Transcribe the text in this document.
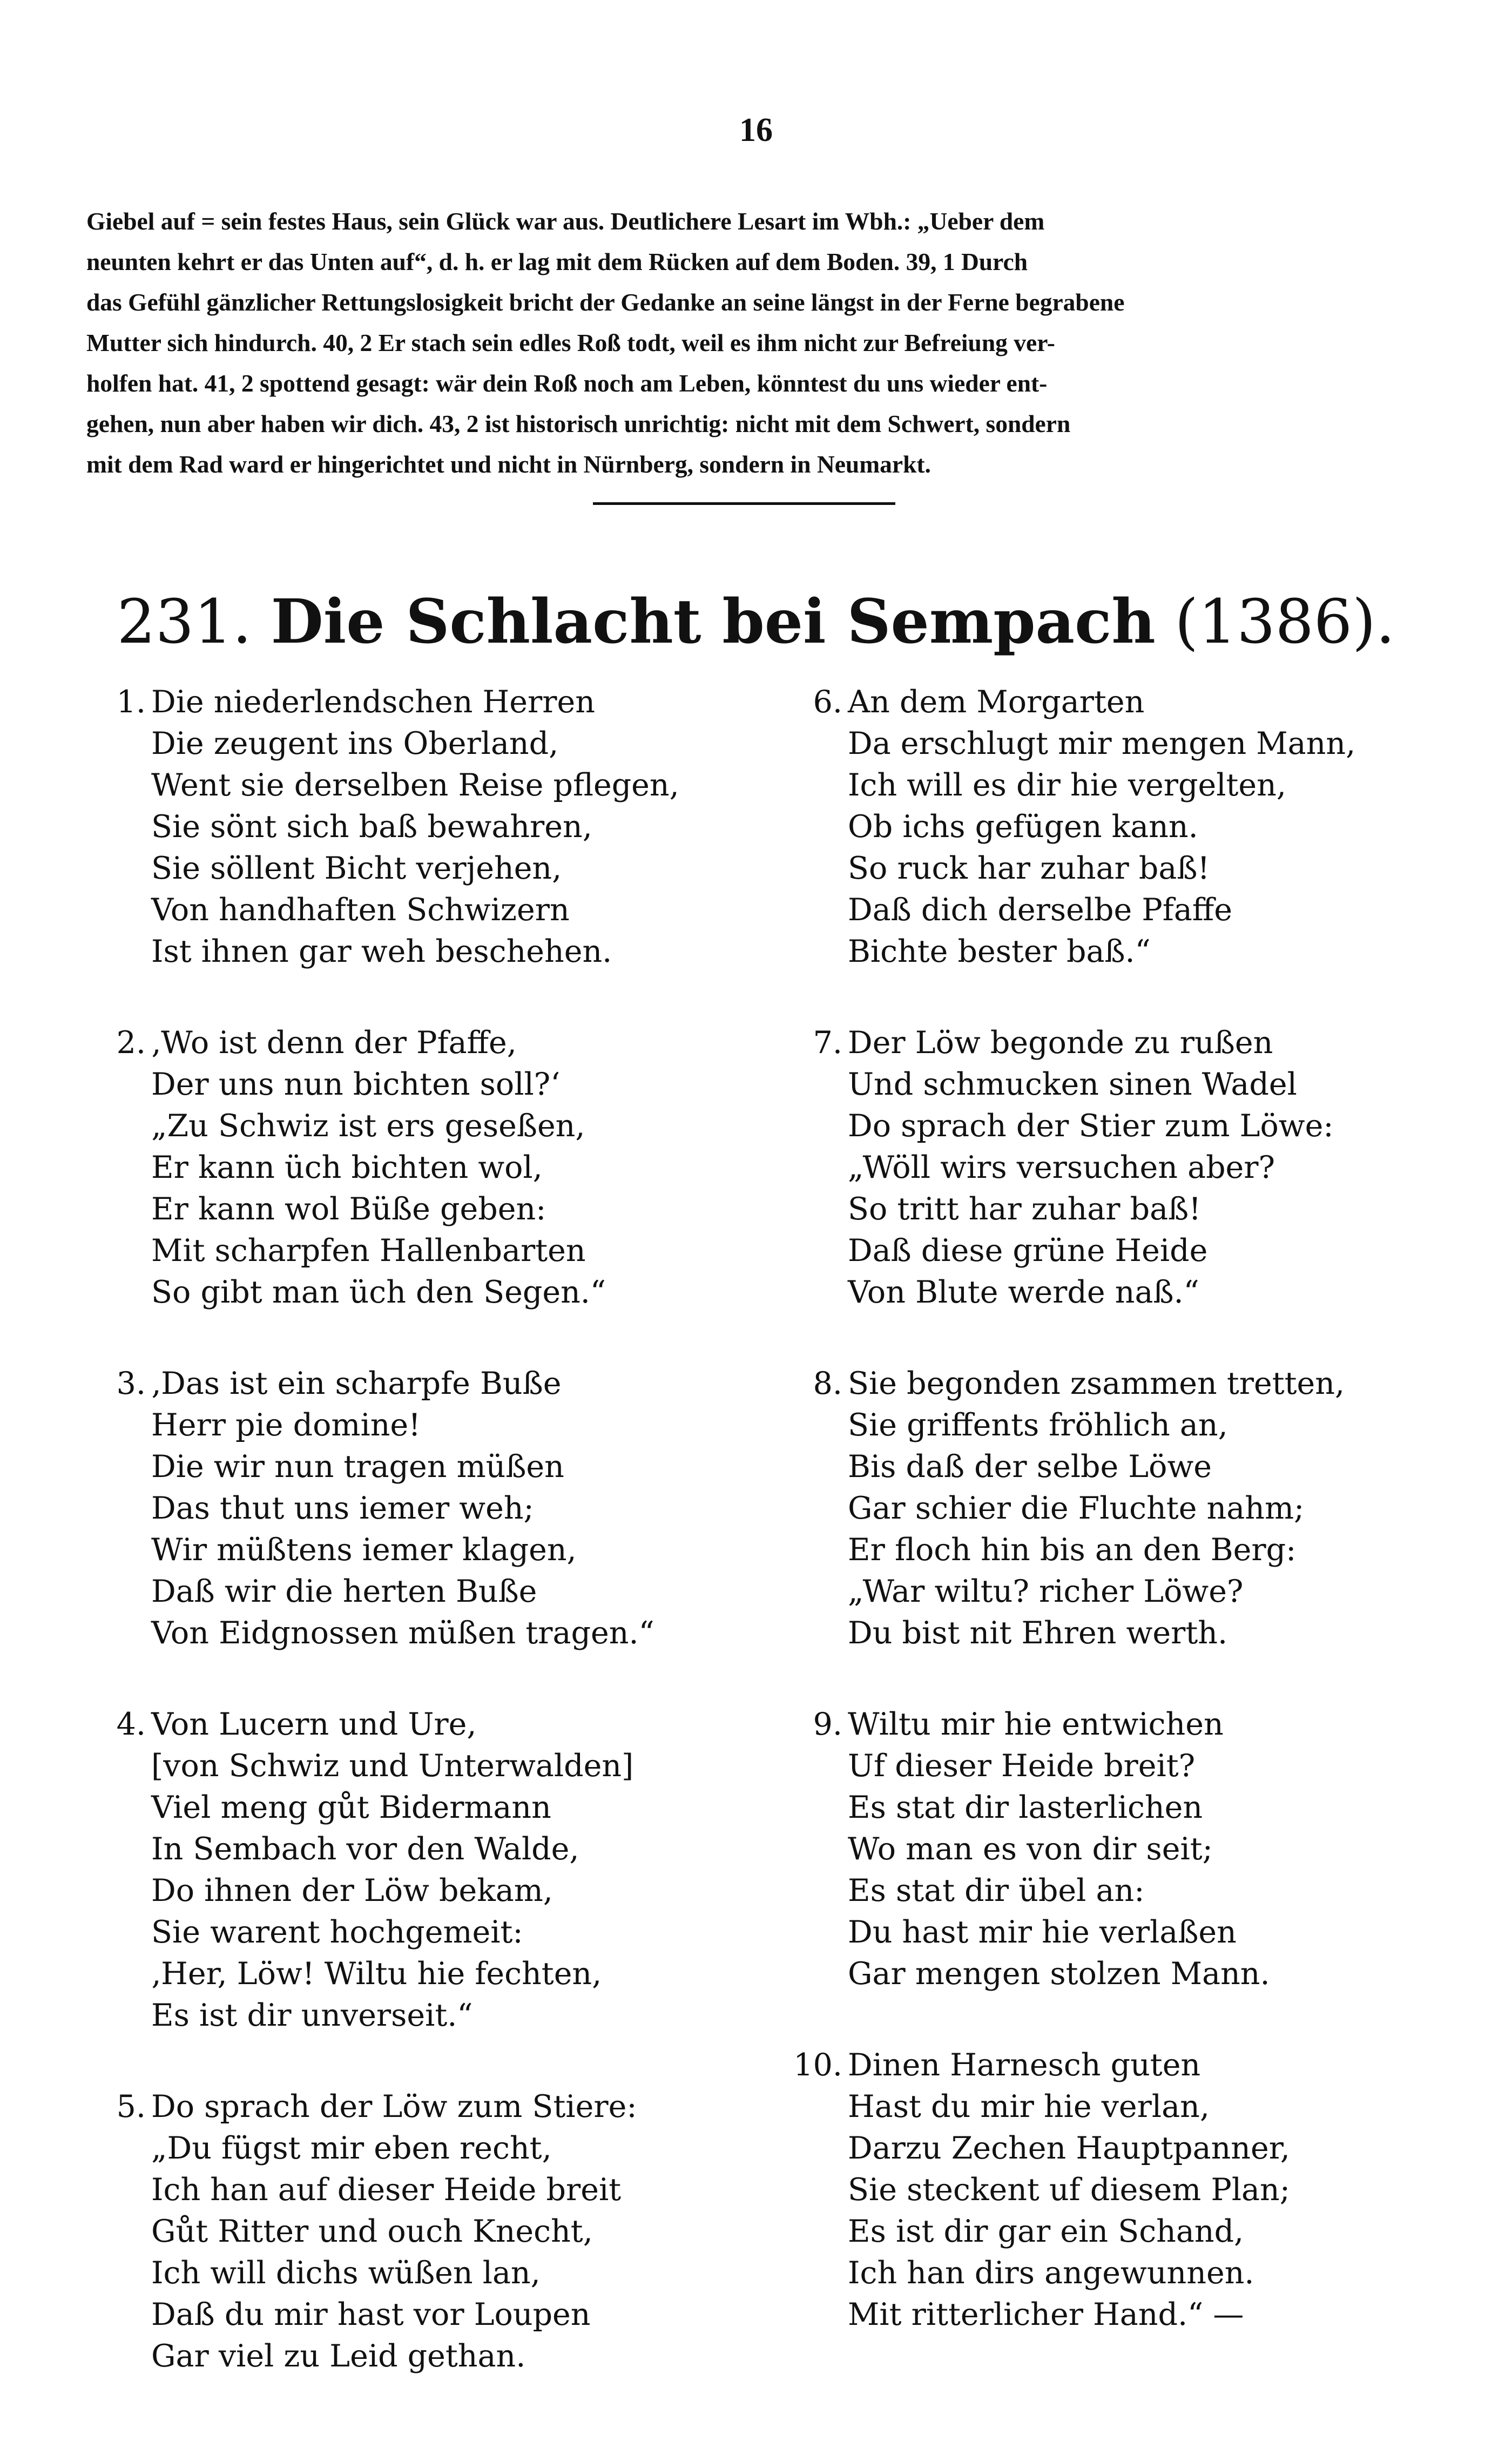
16
Giebel auf = sein festes Haus, sein Glück war aus. Deutlichere Lesart im Wbh.: „Ueber dem
neunten kehrt er das Unten auf“, d. h. er lag mit dem Rücken auf dem Boden. 39, 1 Durch
das Gefühl gänzlicher Rettungslosigkeit bricht der Gedanke an seine längst in der Ferne begrabene
Mutter sich hindurch. 40, 2 Er stach sein edles Roß todt, weil es ihm nicht zur Befreiung ver-
holfen hat. 41, 2 spottend gesagt: wär dein Roß noch am Leben, könntest du uns wieder ent-
gehen, nun aber haben wir dich. 43, 2 ist historisch unrichtig: nicht mit dem Schwert, sondern
mit dem Rad ward er hingerichtet und nicht in Nürnberg, sondern in Neumarkt.
231. Die Schlacht bei Sempach (1386).
1. Die niederlendschen Herren
Die zeugent ins Oberland,
Went sie derselben Reise pflegen,
Sie sönt sich baß bewahren,
Sie söllent Bicht verjehen,
Von handhaften Schwizern
Ist ihnen gar weh beschehen.
2. ‚Wo ist denn der Pfaffe,
Der uns nun bichten soll?‘
„Zu Schwiz ist ers geseßen,
Er kann üch bichten wol,
Er kann wol Büße geben:
Mit scharpfen Hallenbarten
So gibt man üch den Segen.“
3. ‚Das ist ein scharpfe Buße
Herr pie domine!
Die wir nun tragen müßen
Das thut uns iemer weh;
Wir müßtens iemer klagen,
Daß wir die herten Buße
Von Eidgnossen müßen tragen.“
4. Von Lucern und Ure,
[von Schwiz und Unterwalden]
Viel meng gůt Bidermann
In Sembach vor den Walde,
Do ihnen der Löw bekam,
Sie warent hochgemeit:
‚Her, Löw! Wiltu hie fechten,
Es ist dir unverseit.“
5. Do sprach der Löw zum Stiere:
„Du fügst mir eben recht,
Ich han auf dieser Heide breit
Gůt Ritter und ouch Knecht,
Ich will dichs wüßen lan,
Daß du mir hast vor Loupen
Gar viel zu Leid gethan.
6. An dem Morgarten
Da erschlugt mir mengen Mann,
Ich will es dir hie vergelten,
Ob ichs gefügen kann.
So ruck har zuhar baß!
Daß dich derselbe Pfaffe
Bichte bester baß.“
7. Der Löw begonde zu rußen
Und schmucken sinen Wadel
Do sprach der Stier zum Löwe:
„Wöll wirs versuchen aber?
So tritt har zuhar baß!
Daß diese grüne Heide
Von Blute werde naß.“
8. Sie begonden zsammen tretten,
Sie griffents fröhlich an,
Bis daß der selbe Löwe
Gar schier die Fluchte nahm;
Er floch hin bis an den Berg:
„War wiltu? richer Löwe?
Du bist nit Ehren werth.
9. Wiltu mir hie entwichen
Uf dieser Heide breit?
Es stat dir lasterlichen
Wo man es von dir seit;
Es stat dir übel an:
Du hast mir hie verlaßen
Gar mengen stolzen Mann.
10. Dinen Harnesch guten
Hast du mir hie verlan,
Darzu Zechen Hauptpanner,
Sie steckent uf diesem Plan;
Es ist dir gar ein Schand,
Ich han dirs angewunnen.
Mit ritterlicher Hand.“ —
